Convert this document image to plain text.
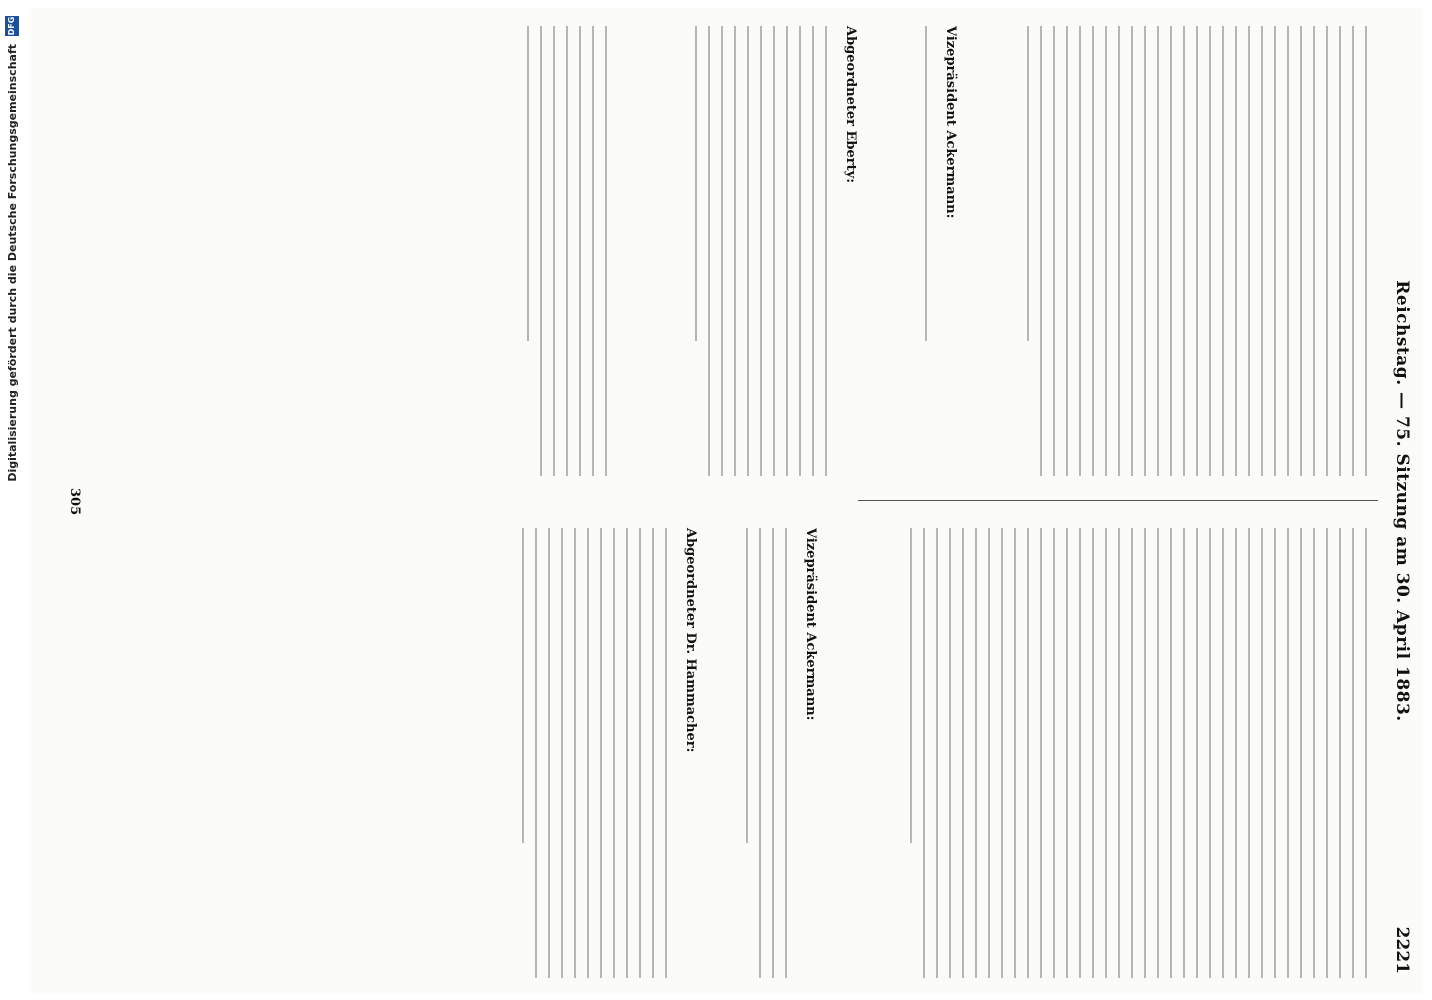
Digitalisierung gefördert durch die Deutsche Forschungsgemeinschaft
DFG
Reichstag. — 75. Sitzung am 30. April 1883.
2221
Vizepräsident Ackermann:
Abgeordneter Eberty:
Vizepräsident Ackermann:
Abgeordneter Dr. Hammacher:
305
